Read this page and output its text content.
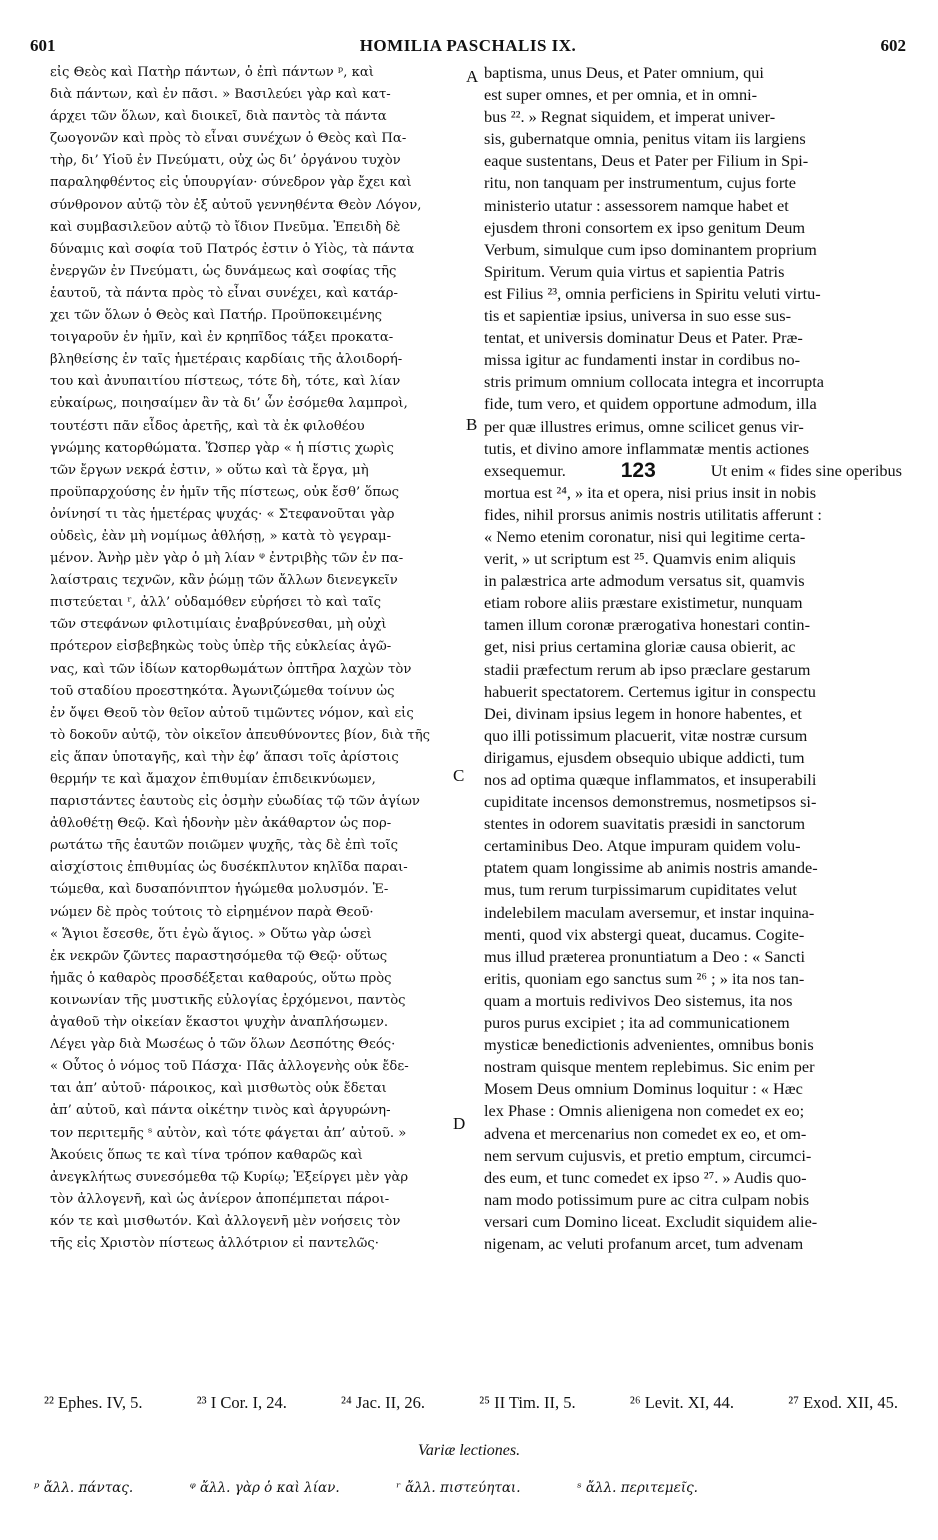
601	HOMILIA PASCHALIS IX.	602
εἰς Θεὸς καὶ Πατὴρ πάντων, ὁ ἐπὶ πάντων ᵖ, καὶ
διὰ πάντων, καὶ ἐν πᾶσι. » Βασιλεύει γὰρ καὶ κατ-
άρχει τῶν ὅλων, καὶ διοικεῖ, διὰ παντὸς τὰ πάντα
ζωογονῶν καὶ πρὸς τὸ εἶναι συνέχων ὁ Θεὸς καὶ Πα-
τὴρ, δι’ Υἱοῦ ἐν Πνεύματι, οὐχ ὡς δι’ ὀργάνου τυχὸν
παραληφθέντος εἰς ὑπουργίαν· σύνεδρον γὰρ ἔχει καὶ
σύνθρονον αὐτῷ τὸν ἐξ αὐτοῦ γεννηθέντα Θεὸν Λόγον,
καὶ συμβασιλεῦον αὐτῷ τὸ ἴδιον Πνεῦμα. Ἐπειδὴ δὲ
δύναμις καὶ σοφία τοῦ Πατρός ἐστιν ὁ Υἱὸς, τὰ πάντα
ἐνεργῶν ἐν Πνεύματι, ὡς δυνάμεως καὶ σοφίας τῆς
ἑαυτοῦ, τὰ πάντα πρὸς τὸ εἶναι συνέχει, καὶ κατάρ-
χει τῶν ὅλων ὁ Θεὸς καὶ Πατήρ. Προϋποκειμένης
τοιγαροῦν ἐν ἡμῖν, καὶ ἐν κρηπῖδος τάξει προκατα-
βληθείσης ἐν ταῖς ἡμετέραις καρδίαις τῆς ἀλοιδορή-
του καὶ ἀνυπαιτίου πίστεως, τότε δὴ, τότε, καὶ λίαν
εὐκαίρως, ποιησαίμεν ἂν τὰ δι’ ὧν ἐσόμεθα λαμπροὶ,
τουτέστι πᾶν εἶδος ἀρετῆς, καὶ τὰ ἐκ φιλοθέου
γνώμης κατορθώματα. Ὥσπερ γὰρ « ἡ πίστις χωρὶς
τῶν ἔργων νεκρά ἐστιν, » οὕτω καὶ τὰ ἔργα, μὴ
προϋπαρχούσης ἐν ἡμῖν τῆς πίστεως, οὐκ ἔσθ’ ὅπως
ὀνίνησί τι τὰς ἡμετέρας ψυχάς· « Στεφανοῦται γὰρ
οὐδεὶς, ἐὰν μὴ νομίμως ἀθλήσῃ, » κατὰ τὸ γεγραμ-
μένον. Ἀνὴρ μὲν γὰρ ὁ μὴ λίαν ᵠ ἐντριβὴς τῶν ἐν πα-
λαίστραις τεχνῶν, κἂν ῥώμῃ τῶν ἄλλων διενεγκεῖν
πιστεύεται ʳ, ἀλλ’ οὐδαμόθεν εὑρήσει τὸ καὶ ταῖς
τῶν στεφάνων φιλοτιμίαις ἐναβρύνεσθαι, μὴ οὐχὶ
πρότερον εἰσβεβηκὼς τοὺς ὑπὲρ τῆς εὐκλείας ἀγῶ-
νας, καὶ τῶν ἰδίων κατορθωμάτων ὀπτῆρα λαχὼν τὸν
τοῦ σταδίου προεστηκότα. Ἀγωνιζώμεθα τοίνυν ὡς
ἐν ὄψει Θεοῦ τὸν θεῖον αὐτοῦ τιμῶντες νόμον, καὶ εἰς
τὸ δοκοῦν αὐτῷ, τὸν οἰκεῖον ἀπευθύνοντες βίον, διὰ τῆς
εἰς ἅπαν ὑποταγῆς, καὶ τὴν ἐφ’ ἅπασι τοῖς ἀρίστοις
θερμήν τε καὶ ἄμαχον ἐπιθυμίαν ἐπιδεικνύωμεν,
παριστάντες ἑαυτοὺς εἰς ὀσμὴν εὐωδίας τῷ τῶν ἁγίων
ἀθλοθέτῃ Θεῷ. Καὶ ἡδονὴν μὲν ἀκάθαρτον ὡς πορ-
ρωτάτω τῆς ἑαυτῶν ποιῶμεν ψυχῆς, τὰς δὲ ἐπὶ τοῖς
αἰσχίστοις ἐπιθυμίας ὡς δυσέκπλυτον κηλῖδα παραι-
τώμεθα, καὶ δυσαπόνιπτον ἡγώμεθα μολυσμόν. Ἑ-
νώμεν δὲ πρὸς τούτοις τὸ εἰρημένον παρὰ Θεοῦ·
« Ἅγιοι ἔσεσθε, ὅτι ἐγὼ ἅγιος. » Οὕτω γὰρ ὡσεὶ
ἐκ νεκρῶν ζῶντες παραστησόμεθα τῷ Θεῷ· οὕτως
ἡμᾶς ὁ καθαρὸς προσδέξεται καθαρούς, οὕτω πρὸς
κοινωνίαν τῆς μυστικῆς εὐλογίας ἐρχόμενοι, παντὸς
ἀγαθοῦ τὴν οἰκείαν ἕκαστοι ψυχὴν ἀναπλήσωμεν.
Λέγει γὰρ διὰ Μωσέως ὁ τῶν ὅλων Δεσπότης Θεός·
« Οὗτος ὁ νόμος τοῦ Πάσχα· Πᾶς ἀλλογενὴς οὐκ ἔδε-
ται ἀπ’ αὐτοῦ· πάροικος, καὶ μισθωτὸς οὐκ ἔδεται
ἀπ’ αὐτοῦ, καὶ πάντα οἰκέτην τινὸς καὶ ἀργυρώνη-
τον περιτεμῆς ˢ αὐτὸν, καὶ τότε φάγεται ἀπ’ αὐτοῦ. »
Ἀκούεις ὅπως τε καὶ τίνα τρόπον καθαρῶς καὶ
ἀνεγκλήτως συνεσόμεθα τῷ Κυρίῳ; Ἐξείργει μὲν γὰρ
τὸν ἀλλογενῆ, καὶ ὡς ἀνίερον ἀποπέμπεται πάροι-
κόν τε καὶ μισθωτόν. Καὶ ἀλλογενῆ μὲν νοήσεις τὸν
τῆς εἰς Χριστὸν πίστεως ἀλλότριον εἰ παντελῶς·
baptisma, unus Deus, et Pater omnium, qui
est super omnes, et per omnia, et in omni-
bus ²². » Regnat siquidem, et imperat univer-
sis, gubernatque omnia, penitus vitam iis largiens
eaque sustentans, Deus et Pater per Filium in Spi-
ritu, non tanquam per instrumentum, cujus forte
ministerio utatur : assessorem namque habet et
ejusdem throni consortem ex ipso genitum Deum
Verbum, simulque cum ipso dominantem proprium
Spiritum. Verum quia virtus et sapientia Patris
est Filius ²³, omnia perficiens in Spiritu veluti virtu-
tis et sapientiæ ipsius, universa in suo esse sus-
tentat, et universis dominatur Deus et Pater. Præ-
missa igitur ac fundamenti instar in cordibus no-
stris primum omnium collocata integra et incorrupta
fide, tum vero, et quidem opportune admodum, illa
per quæ illustres erimus, omne scilicet genus vir-
tutis, et divino amore inflammatæ mentis actiones
exsequemur.	123	Ut enim « fides sine operibus
mortua est ²⁴, » ita et opera, nisi prius insit in nobis
fides, nihil prorsus animis nostris utilitatis afferunt :
« Nemo etenim coronatur, nisi qui legitime certa-
verit, » ut scriptum est ²⁵. Quamvis enim aliquis
in palæstrica arte admodum versatus sit, quamvis
etiam robore aliis præstare existimetur, nunquam
tamen illum coronæ prærogativa honestari contin-
get, nisi prius certamina gloriæ causa obierit, ac
stadii præfectum rerum ab ipso præclare gestarum
habuerit spectatorem. Certemus igitur in conspectu
Dei, divinam ipsius legem in honore habentes, et
quo illi potissimum placuerit, vitæ nostræ cursum
dirigamus, ejusdem obsequio ubique addicti, tum
nos ad optima quæque inflammatos, et insuperabili
cupiditate incensos demonstremus, nosmetipsos si-
stentes in odorem suavitatis præsidi in sanctorum
certaminibus Deo. Atque impuram quidem volu-
ptatem quam longissime ab animis nostris amande-
mus, tum rerum turpissimarum cupiditates velut
indelebilem maculam aversemur, et instar inquina-
menti, quod vix abstergi queat, ducamus. Cogite-
mus illud præterea pronuntiatum a Deo : « Sancti
eritis, quoniam ego sanctus sum ²⁶ ; » ita nos tan-
quam a mortuis redivivos Deo sistemus, ita nos
puros purus excipiet ; ita ad communicationem
mysticæ benedictionis advenientes, omnibus bonis
nostram quisque mentem replebimus. Sic enim per
Mosem Deus omnium Dominus loquitur : « Hæc
lex Phase : Omnis alienigena non comedet ex eo;
advena et mercenarius non comedet ex eo, et om-
nem servum cujusvis, et pretio emptum, circumci-
des eum, et tunc comedet ex ipso ²⁷. » Audis quo-
nam modo potissimum pure ac citra culpam nobis
versari cum Domino liceat. Excludit siquidem alie-
nigenam, ac veluti profanum arcet, tum advenam
A
B
C
D
²² Ephes. IV, 5.	²³ I Cor. I, 24.	²⁴ Jac. II, 26.	²⁵ II Tim. II, 5.	²⁶ Levit. XI, 44.	²⁷ Exod. XII, 45.
Variæ lectiones.
ᵖ ἄλλ. πάντας.	ᵠ ἄλλ. γὰρ ὁ καὶ λίαν.	ʳ ἄλλ. πιστεύηται.	ˢ ἄλλ. περιτεμεῖς.
